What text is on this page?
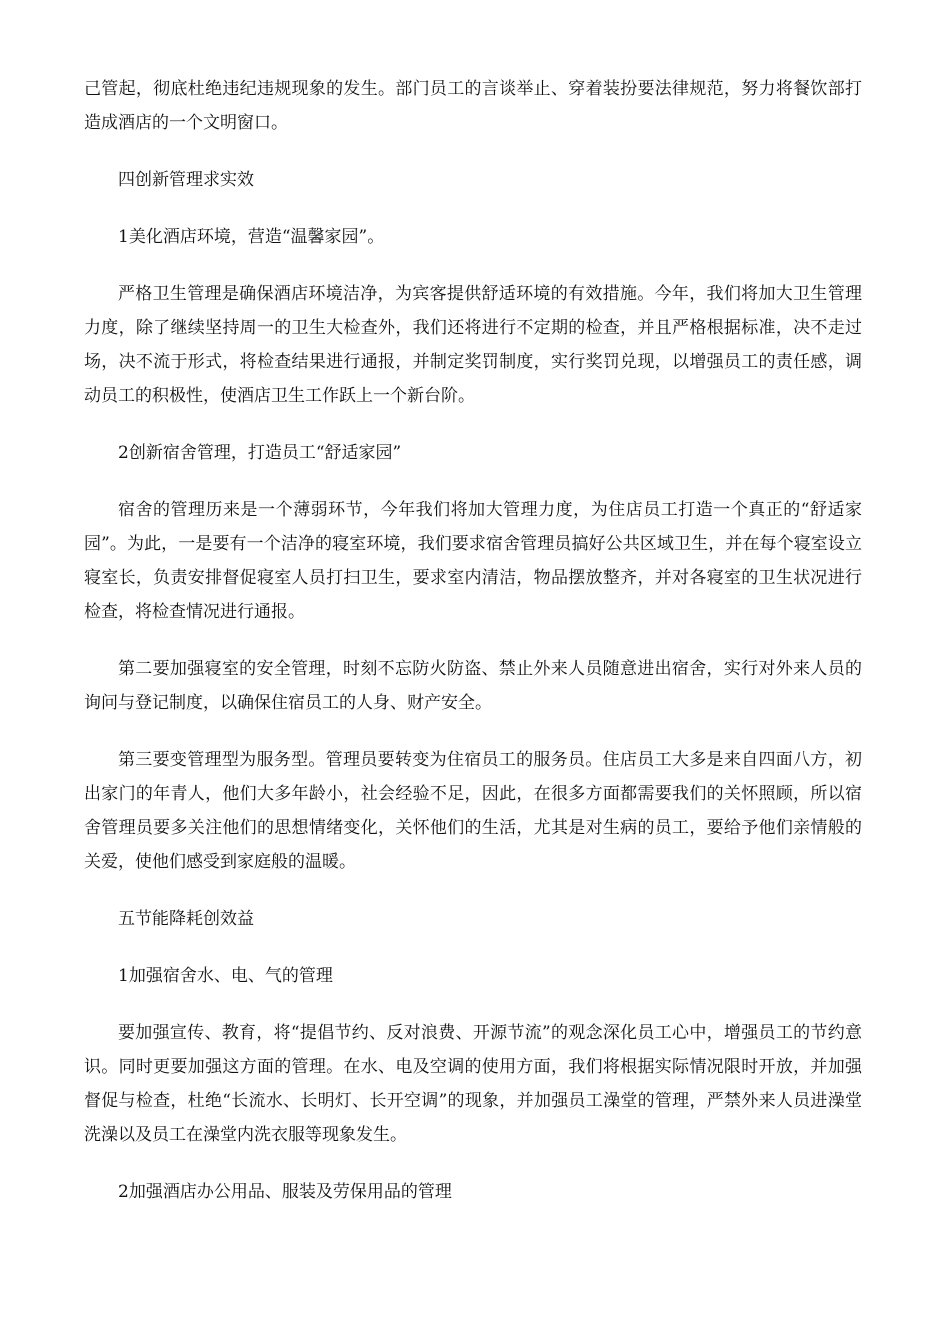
己管起，彻底杜绝违纪违规现象的发生。部门员工的言谈举止、穿着装扮要法律规范，努力将餐饮部打造成酒店的一个文明窗口。

四创新管理求实效

1美化酒店环境，营造“温馨家园”。

严格卫生管理是确保酒店环境洁净，为宾客提供舒适环境的有效措施。今年，我们将加大卫生管理力度，除了继续坚持周一的卫生大检查外，我们还将进行不定期的检查，并且严格根据标准，决不走过场，决不流于形式，将检查结果进行通报，并制定奖罚制度，实行奖罚兑现，以增强员工的责任感，调动员工的积极性，使酒店卫生工作跃上一个新台阶。

2创新宿舍管理，打造员工“舒适家园”

宿舍的管理历来是一个薄弱环节，今年我们将加大管理力度，为住店员工打造一个真正的“舒适家园”。为此，一是要有一个洁净的寝室环境，我们要求宿舍管理员搞好公共区域卫生，并在每个寝室设立寝室长，负责安排督促寝室人员打扫卫生，要求室内清洁，物品摆放整齐，并对各寝室的卫生状况进行检查，将检查情况进行通报。

第二要加强寝室的安全管理，时刻不忘防火防盗、禁止外来人员随意进出宿舍，实行对外来人员的询问与登记制度，以确保住宿员工的人身、财产安全。

第三要变管理型为服务型。管理员要转变为住宿员工的服务员。住店员工大多是来自四面八方，初出家门的年青人，他们大多年龄小，社会经验不足，因此，在很多方面都需要我们的关怀照顾，所以宿舍管理员要多关注他们的思想情绪变化，关怀他们的生活，尤其是对生病的员工，要给予他们亲情般的关爱，使他们感受到家庭般的温暖。

五节能降耗创效益

1加强宿舍水、电、气的管理

要加强宣传、教育，将“提倡节约、反对浪费、开源节流”的观念深化员工心中，增强员工的节约意识。同时更要加强这方面的管理。在水、电及空调的使用方面，我们将根据实际情况限时开放，并加强督促与检查，杜绝“长流水、长明灯、长开空调”的现象，并加强员工澡堂的管理，严禁外来人员进澡堂洗澡以及员工在澡堂内洗衣服等现象发生。

2加强酒店办公用品、服装及劳保用品的管理
